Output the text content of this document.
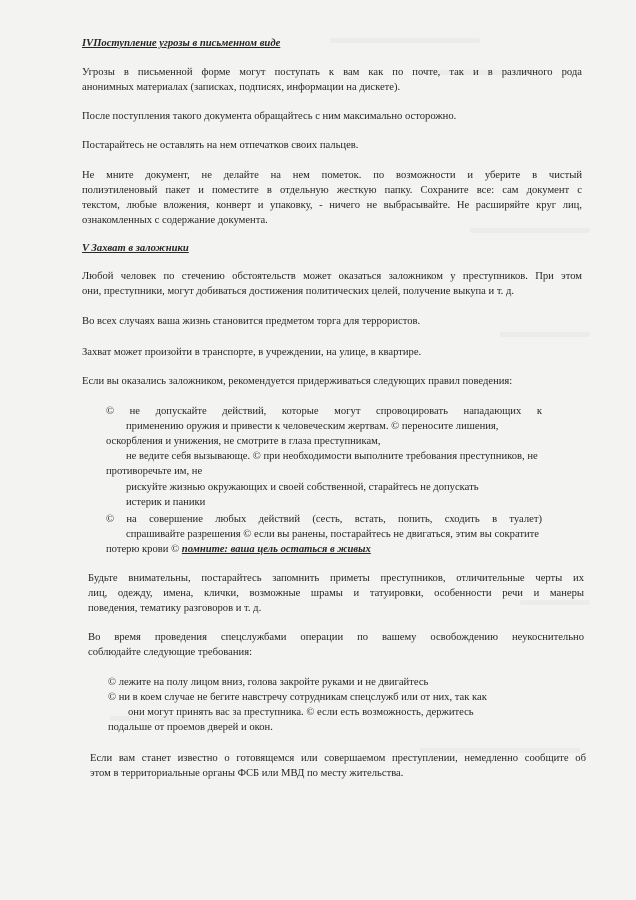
IVПоступление угрозы в письменном виде

Угрозы в письменной форме могут поступать к вам как по почте, так и в различного рода

анонимных материалах (записках, подписях, информации на дискете).

После поступления такого документа обращайтесь с ним максимально осторожно.

Постарайтесь не оставлять на нем отпечатков своих пальцев.

Не мните документ, не делайте на нем пометок. по возможности и уберите в чистый

полиэтиленовый пакет и поместите в отдельную жесткую папку. Сохраните все: сам документ с

текстом, любые вложения, конверт и упаковку, - ничего не выбрасывайте. Не расширяйте круг лиц,

ознакомленных с содержание документа.

V Захват в заложники

Любой человек по стечению обстоятельств может оказаться заложником у преступников. При этом

они, преступники, могут добиваться достижения политических целей, получение выкупа и т. д.

Во всех случаях ваша жизнь становится предметом торга для террористов.

Захват может произойти в транспорте, в учреждении, на улице, в квартире.

Если вы оказались заложником, рекомендуется придерживаться следующих правил поведения:

© не допускайте действий, которые могут спровоцировать нападающих к

применению оружия и привести к человеческим жертвам. © переносите лишения,

оскорбления и унижения, не смотрите в глаза преступникам,

не ведите себя вызывающе. © при необходимости выполните требования преступников, не

противоречьте им, не

рискуйте жизнью окружающих и своей собственной, старайтесь не допускать

истерик и паники

© на совершение любых действий (сесть, встать, попить, сходить в туалет)

спрашивайте разрешения © если вы ранены, постарайтесь не двигаться, этим вы сократите

потерю крови © помните: ваша цель остаться в живых

Будьте внимательны, постарайтесь запомнить приметы преступников, отличительные черты их

лиц, одежду, имена, клички, возможные шрамы и татуировки, особенности речи и манеры

поведения, тематику разговоров и т. д.

Во время проведения спецслужбами операции по вашему освобождению неукоснительно

соблюдайте следующие требования:

© лежите на полу лицом вниз, голова закройте руками и не двигайтесь

© ни в коем случае не бегите навстречу сотрудникам спецслужб или от них, так как

они могут принять вас за преступника. © если есть возможность, держитесь

подальше от проемов дверей и окон.

Если вам станет известно о готовящемся или совершаемом преступлении, немедленно сообщите об

этом в территориальные органы ФСБ или МВД по месту жительства.
